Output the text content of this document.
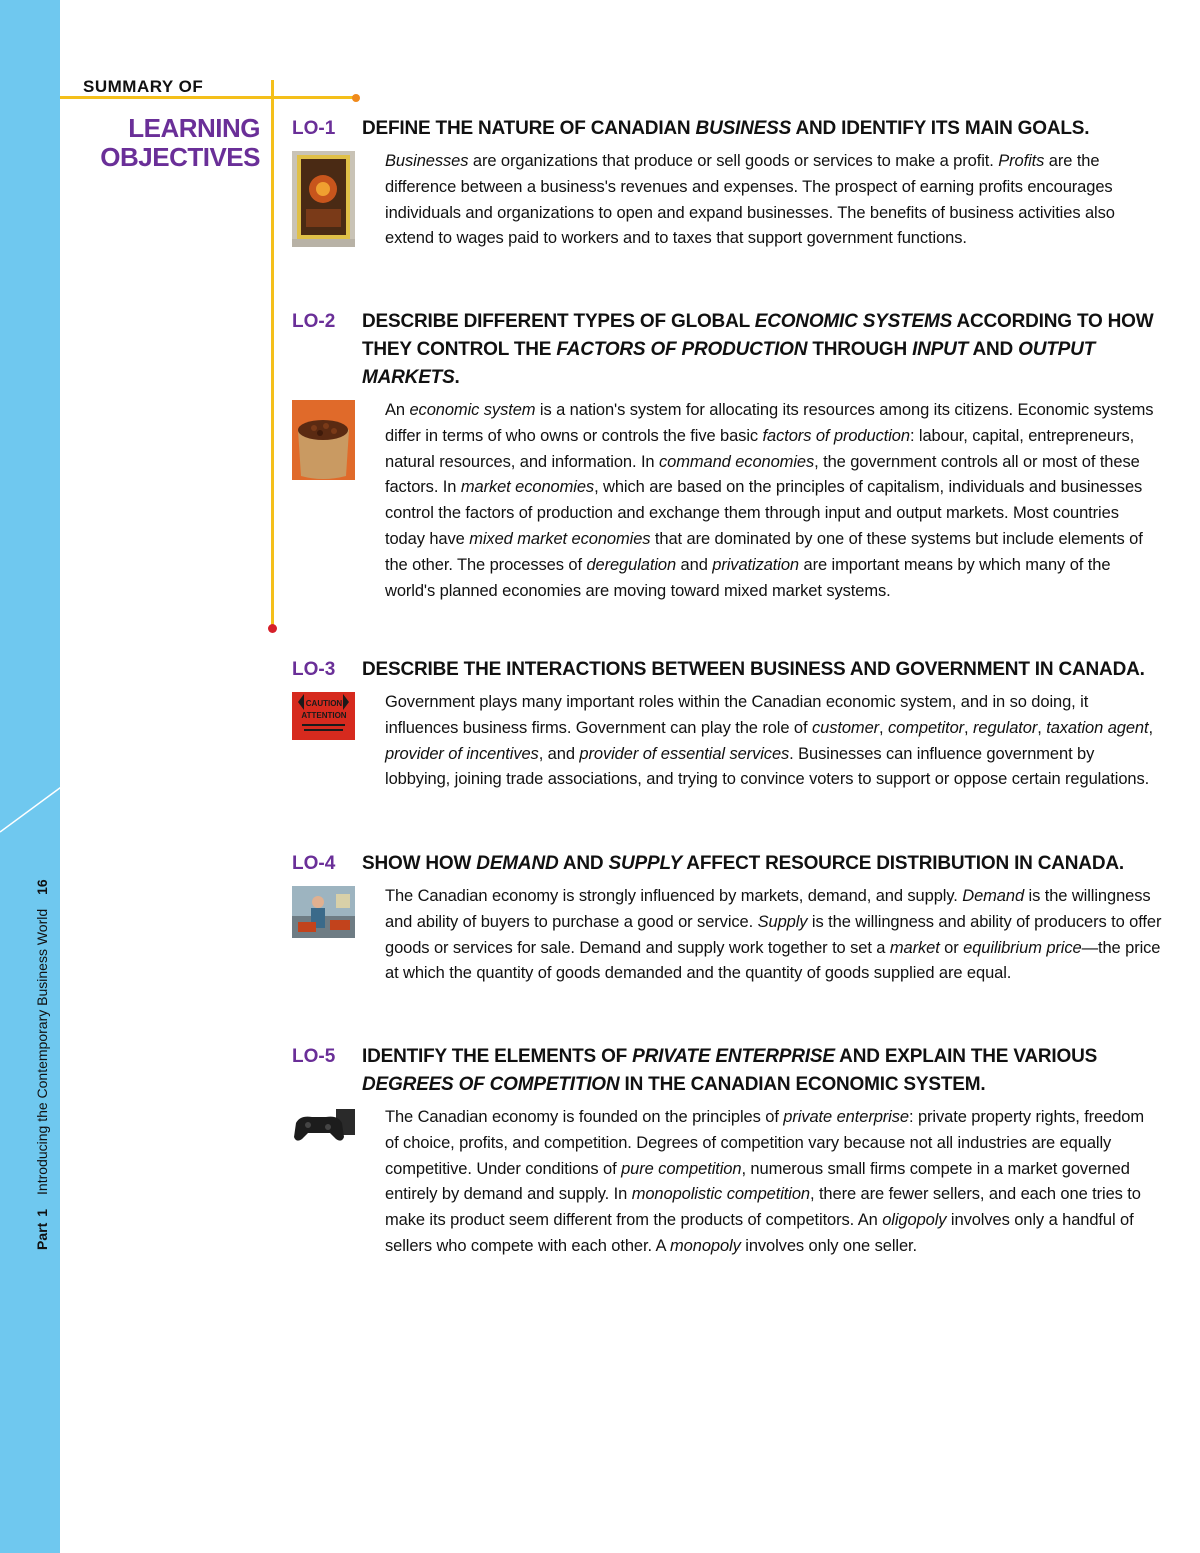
Part1Introducing the Contemporary Business World16
SUMMARY OF
LEARNING
OBJECTIVES
LO-1	DEFINE THE NATURE OF CANADIAN BUSINESS AND IDENTIFY ITS MAIN GOALS.
Businesses are organizations that produce or sell goods or services to make a profit. Profits are the difference between a business's revenues and expenses. The prospect of earning profits encourages individuals and organizations to open and expand businesses. The benefits of business activities also extend to wages paid to workers and to taxes that support government functions.
LO-2	DESCRIBE DIFFERENT TYPES OF GLOBAL ECONOMIC SYSTEMS ACCORDING TO HOW THEY CONTROL THE FACTORS OF PRODUCTION THROUGH INPUT AND OUTPUT MARKETS.
An economic system is a nation's system for allocating its resources among its citizens. Economic systems differ in terms of who owns or controls the five basic factors of production: labour, capital, entrepreneurs, natural resources, and information. In command economies, the government controls all or most of these factors. In market economies, which are based on the principles of capitalism, individuals and businesses control the factors of production and exchange them through input and output markets. Most countries today have mixed market economies that are dominated by one of these systems but include elements of the other. The processes of deregulation and privatization are important means by which many of the world's planned economies are moving toward mixed market systems.
LO-3	DESCRIBE THE INTERACTIONS BETWEEN BUSINESS AND GOVERNMENT IN CANADA.
CAUTION
ATTENTION
Government plays many important roles within the Canadian economic system, and in so doing, it influences business firms. Government can play the role of customer, competitor, regulator, taxation agent, provider of incentives, and provider of essential services. Businesses can influence government by lobbying, joining trade associations, and trying to convince voters to support or oppose certain regulations.
LO-4	SHOW HOW DEMAND AND SUPPLY AFFECT RESOURCE DISTRIBUTION IN CANADA.
The Canadian economy is strongly influenced by markets, demand, and supply. Demand is the willingness and ability of buyers to purchase a good or service. Supply is the willingness and ability of producers to offer goods or services for sale. Demand and supply work together to set a market or equilibrium price—the price at which the quantity of goods demanded and the quantity of goods supplied are equal.
LO-5	IDENTIFY THE ELEMENTS OF PRIVATE ENTERPRISE AND EXPLAIN THE VARIOUS DEGREES OF COMPETITION IN THE CANADIAN ECONOMIC SYSTEM.
The Canadian economy is founded on the principles of private enterprise: private property rights, freedom of choice, profits, and competition. Degrees of competition vary because not all industries are equally competitive. Under conditions of pure competition, numerous small firms compete in a market governed entirely by demand and supply. In monopolistic competition, there are fewer sellers, and each one tries to make its product seem different from the products of competitors. An oligopoly involves only a handful of sellers who compete with each other. A monopoly involves only one seller.
